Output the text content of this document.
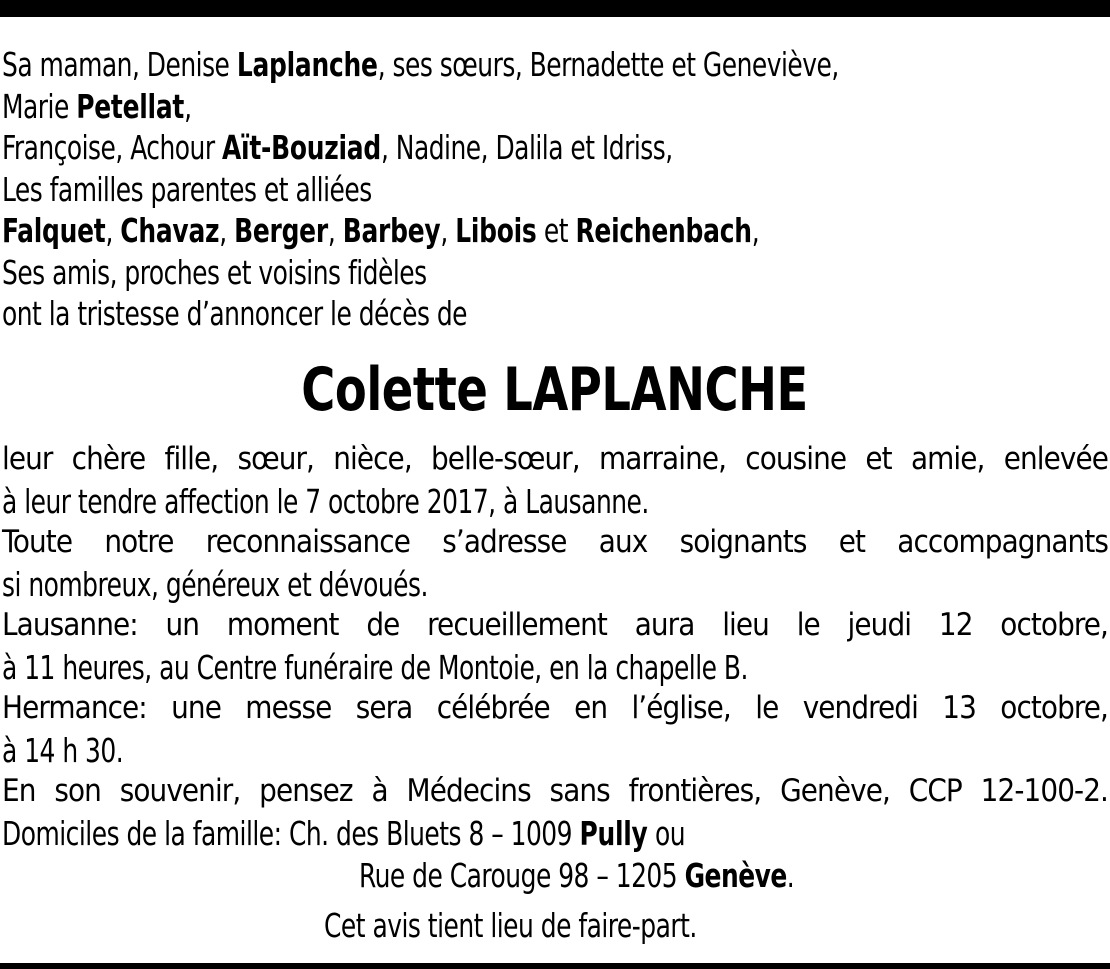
Sa maman, Denise Laplanche, ses sœurs, Bernadette et Geneviève,
Marie Petellat,
Françoise, Achour Aït-Bouziad, Nadine, Dalila et Idriss,
Les familles parentes et alliées
Falquet, Chavaz, Berger, Barbey, Libois et Reichenbach,
Ses amis, proches et voisins fidèles
ont la tristesse d’annoncer le décès de
Colette LAPLANCHE
leur chère fille, sœur, nièce, belle-sœur, marraine, cousine et amie, enlevée
à leur tendre affection le 7 octobre 2017, à Lausanne.
Toute notre reconnaissance s’adresse aux soignants et accompagnants
si nombreux, généreux et dévoués.
Lausanne: un moment de recueillement aura lieu le jeudi 12 octobre,
à 11 heures, au Centre funéraire de Montoie, en la chapelle B.
Hermance: une messe sera célébrée en l’église, le vendredi 13 octobre,
à 14 h 30.
En son souvenir, pensez à Médecins sans frontières, Genève, CCP 12-100-2.
Domiciles de la famille: Ch. des Bluets 8 – 1009 Pully ou
Rue de Carouge 98 – 1205 Genève.
Cet avis tient lieu de faire-part.
